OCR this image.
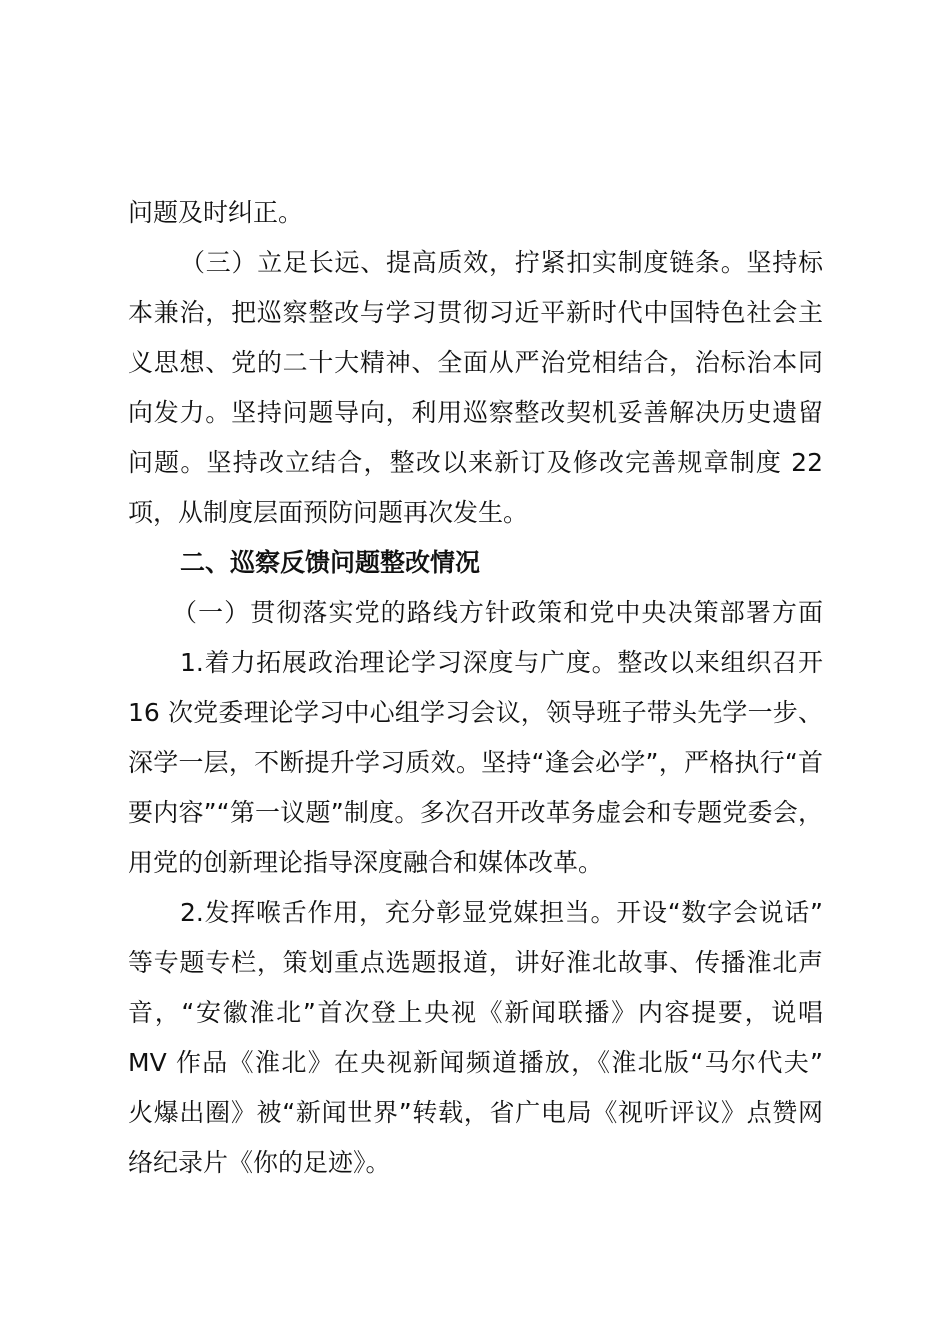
问题及时纠正。
（三）立足长远、提高质效，拧紧扣实制度链条。坚持标
本兼治，把巡察整改与学习贯彻习近平新时代中国特色社会主
义思想、党的二十大精神、全面从严治党相结合，治标治本同
向发力。坚持问题导向，利用巡察整改契机妥善解决历史遗留
问题。坚持改立结合，整改以来新订及修改完善规章制度 22
项，从制度层面预防问题再次发生。
二、巡察反馈问题整改情况
（一）贯彻落实党的路线方针政策和党中央决策部署方面
1.着力拓展政治理论学习深度与广度。整改以来组织召开
16 次党委理论学习中心组学习会议，领导班子带头先学一步、
深学一层，不断提升学习质效。坚持“逢会必学”，严格执行“首
要内容”“第一议题”制度。多次召开改革务虚会和专题党委会，
用党的创新理论指导深度融合和媒体改革。
2.发挥喉舌作用，充分彰显党媒担当。开设“数字会说话”
等专题专栏，策划重点选题报道，讲好淮北故事、传播淮北声
音，“安徽淮北”首次登上央视《新闻联播》内容提要，说唱
MV 作品《淮北》在央视新闻频道播放，《淮北版“马尔代夫”
火爆出圈》被“新闻世界”转载，省广电局《视听评议》点赞网
络纪录片《你的足迹》。
